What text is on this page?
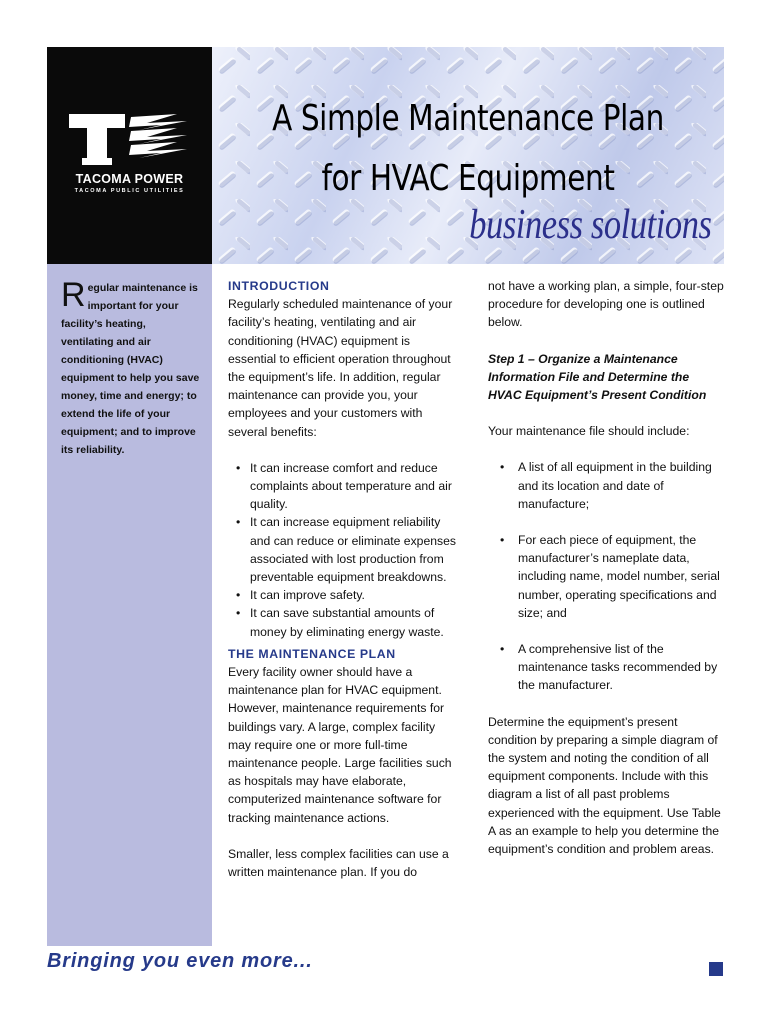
TACOMA POWER
TACOMA PUBLIC UTILITIES
A Simple Maintenance Plan
for HVAC Equipment
business solutions
Regular maintenance is important for your facility’s heating, ventilating and air conditioning (HVAC) equipment to help you save money, time and energy; to extend the life of your equipment; and to improve its reliability.
INTRODUCTION

Regularly scheduled maintenance of your facility’s heating, ventilating and air conditioning (HVAC) equipment is essential to efficient operation throughout the equipment’s life. In addition, regular maintenance can provide you, your employees and your customers with several benefits:

• It can increase comfort and reduce complaints about temperature and air quality.
• It can increase equipment reliability and can reduce or eliminate expenses associated with lost production from preventable equipment breakdowns.
• It can improve safety.
• It can save substantial amounts of money by eliminating energy waste.
THE MAINTENANCE PLAN

Every facility owner should have a maintenance plan for HVAC equipment. However, maintenance requirements for buildings vary. A large, complex facility may require one or more full-time maintenance people. Large facilities such as hospitals may have elaborate, computerized maintenance software for tracking maintenance actions.

Smaller, less complex facilities can use a written maintenance plan. If you do

not have a working plan, a simple, four-step procedure for developing one is outlined below.

Step 1 – Organize a Maintenance Information File and Determine the HVAC Equipment’s Present Condition

Your maintenance file should include:

• A list of all equipment in the building and its location and date of manufacture;
• For each piece of equipment, the manufacturer’s nameplate data, including name, model number, serial number, operating specifications and size; and
• A comprehensive list of the maintenance tasks recommended by the manufacturer.

Determine the equipment’s present condition by preparing a simple diagram of the system and noting the condition of all equipment components. Include with this diagram a list of all past problems experienced with the equipment. Use Table A as an example to help you determine the equipment’s condition and problem areas.

Bringing you even more...
